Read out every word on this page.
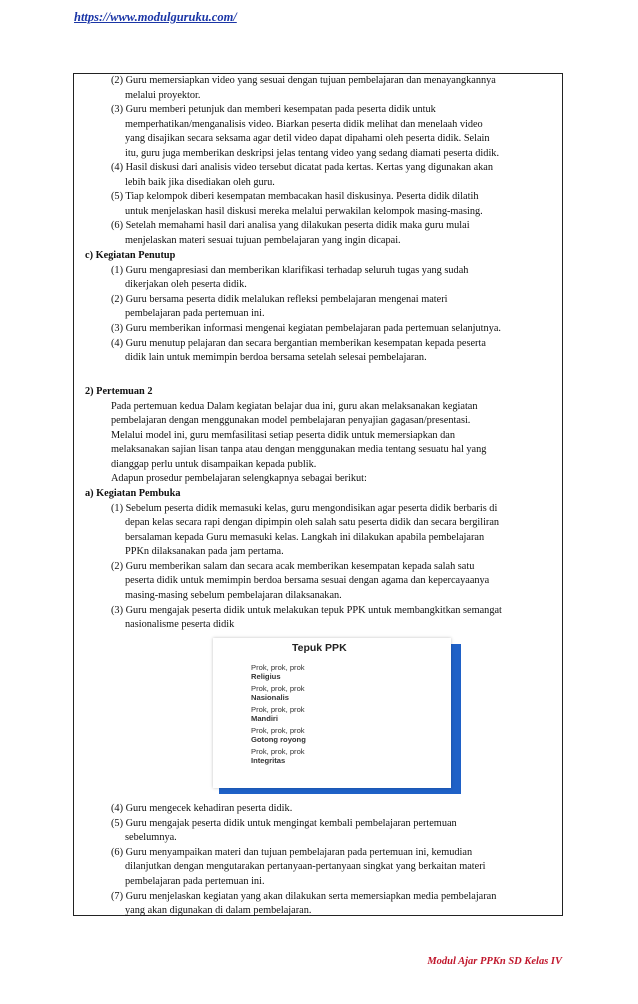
https://www.modulguruku.com/
(2) Guru memersiapkan video yang sesuai dengan tujuan pembelajaran dan menayangkannya
melalui proyektor.
(3) Guru memberi petunjuk dan memberi kesempatan pada peserta didik untuk
memperhatikan/menganalisis video. Biarkan peserta didik melihat dan menelaah video
yang disajikan secara seksama agar detil video dapat dipahami oleh peserta didik. Selain
itu, guru juga memberikan deskripsi jelas tentang video yang sedang diamati peserta didik.
(4) Hasil diskusi dari analisis video tersebut dicatat pada kertas. Kertas yang digunakan akan
lebih baik jika disediakan oleh guru.
(5) Tiap kelompok diberi kesempatan membacakan hasil diskusinya. Peserta didik dilatih
untuk menjelaskan hasil diskusi mereka melalui perwakilan kelompok masing-masing.
(6) Setelah memahami hasil dari analisa yang dilakukan peserta didik maka guru mulai
menjelaskan materi sesuai tujuan pembelajaran yang ingin dicapai.
c) Kegiatan Penutup
(1) Guru mengapresiasi dan memberikan klarifikasi terhadap seluruh tugas yang sudah
dikerjakan oleh peserta didik.
(2) Guru bersama peserta didik melalukan refleksi pembelajaran mengenai materi
pembelajaran pada pertemuan ini.
(3) Guru memberikan informasi mengenai kegiatan pembelajaran pada pertemuan selanjutnya.
(4) Guru menutup pelajaran dan secara bergantian memberikan kesempatan kepada peserta
didik lain untuk memimpin berdoa bersama setelah selesai pembelajaran.
2) Pertemuan 2
Pada pertemuan kedua Dalam kegiatan belajar dua ini, guru akan melaksanakan kegiatan
pembelajaran dengan menggunakan model pembelajaran penyajian gagasan/presentasi.
Melalui model ini, guru memfasilitasi setiap peserta didik untuk memersiapkan dan
melaksanakan sajian lisan tanpa atau dengan menggunakan media tentang sesuatu hal yang
dianggap perlu untuk disampaikan kepada publik.
Adapun prosedur pembelajaran selengkapnya sebagai berikut:
a) Kegiatan Pembuka
(1) Sebelum peserta didik memasuki kelas, guru mengondisikan agar peserta didik berbaris di
depan kelas secara rapi dengan dipimpin oleh salah satu peserta didik dan secara bergiliran
bersalaman kepada Guru memasuki kelas. Langkah ini dilakukan apabila pembelajaran
PPKn dilaksanakan pada jam pertama.
(2) Guru memberikan salam dan secara acak memberikan kesempatan kepada salah satu
peserta didik untuk memimpin berdoa bersama sesuai dengan agama dan kepercayaanya
masing-masing sebelum pembelajaran dilaksanakan.
(3) Guru mengajak peserta didik untuk melakukan tepuk PPK untuk membangkitkan semangat
nasionalisme peserta didik
(4) Guru mengecek kehadiran peserta didik.
(5) Guru mengajak peserta didik untuk mengingat kembali pembelajaran pertemuan
sebelumnya.
(6) Guru menyampaikan materi dan tujuan pembelajaran pada pertemuan ini, kemudian
dilanjutkan dengan mengutarakan pertanyaan-pertanyaan singkat yang berkaitan materi
pembelajaran pada pertemuan ini.
(7) Guru menjelaskan kegiatan yang akan dilakukan serta memersiapkan media pembelajaran
yang akan digunakan di dalam pembelajaran.
Tepuk PPK
Prok, prok, prok
Religius
Prok, prok, prok
Nasionalis
Prok, prok, prok
Mandiri
Prok, prok, prok
Gotong royong
Prok, prok, prok
Integritas
Modul Ajar PPKn SD Kelas IV
